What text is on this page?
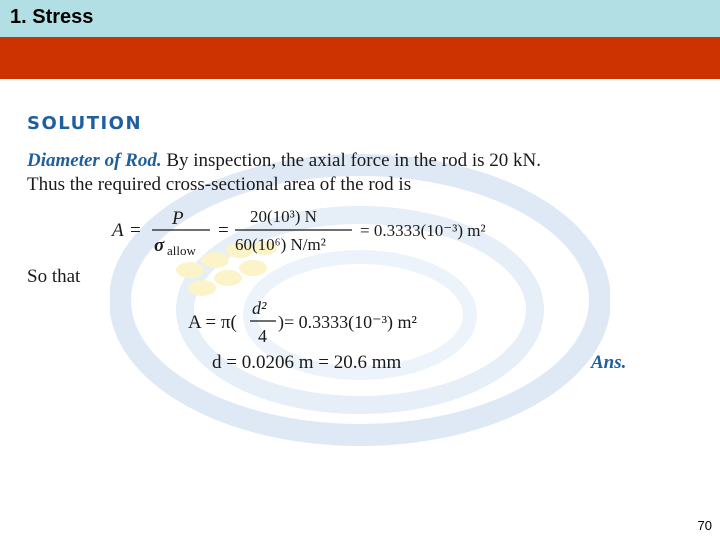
1. Stress
SOLUTION
Diameter of Rod. By inspection, the axial force in the rod is 20 kN.
Thus the required cross-sectional area of the rod is
A =
P
σ allow
=
20(10³) N
60(10⁶) N/m²
= 0.3333(10⁻³) m²
So that
A = π(
d²
4
)= 0.3333(10⁻³) m²
d = 0.0206 m = 20.6 mm	Ans.
70
